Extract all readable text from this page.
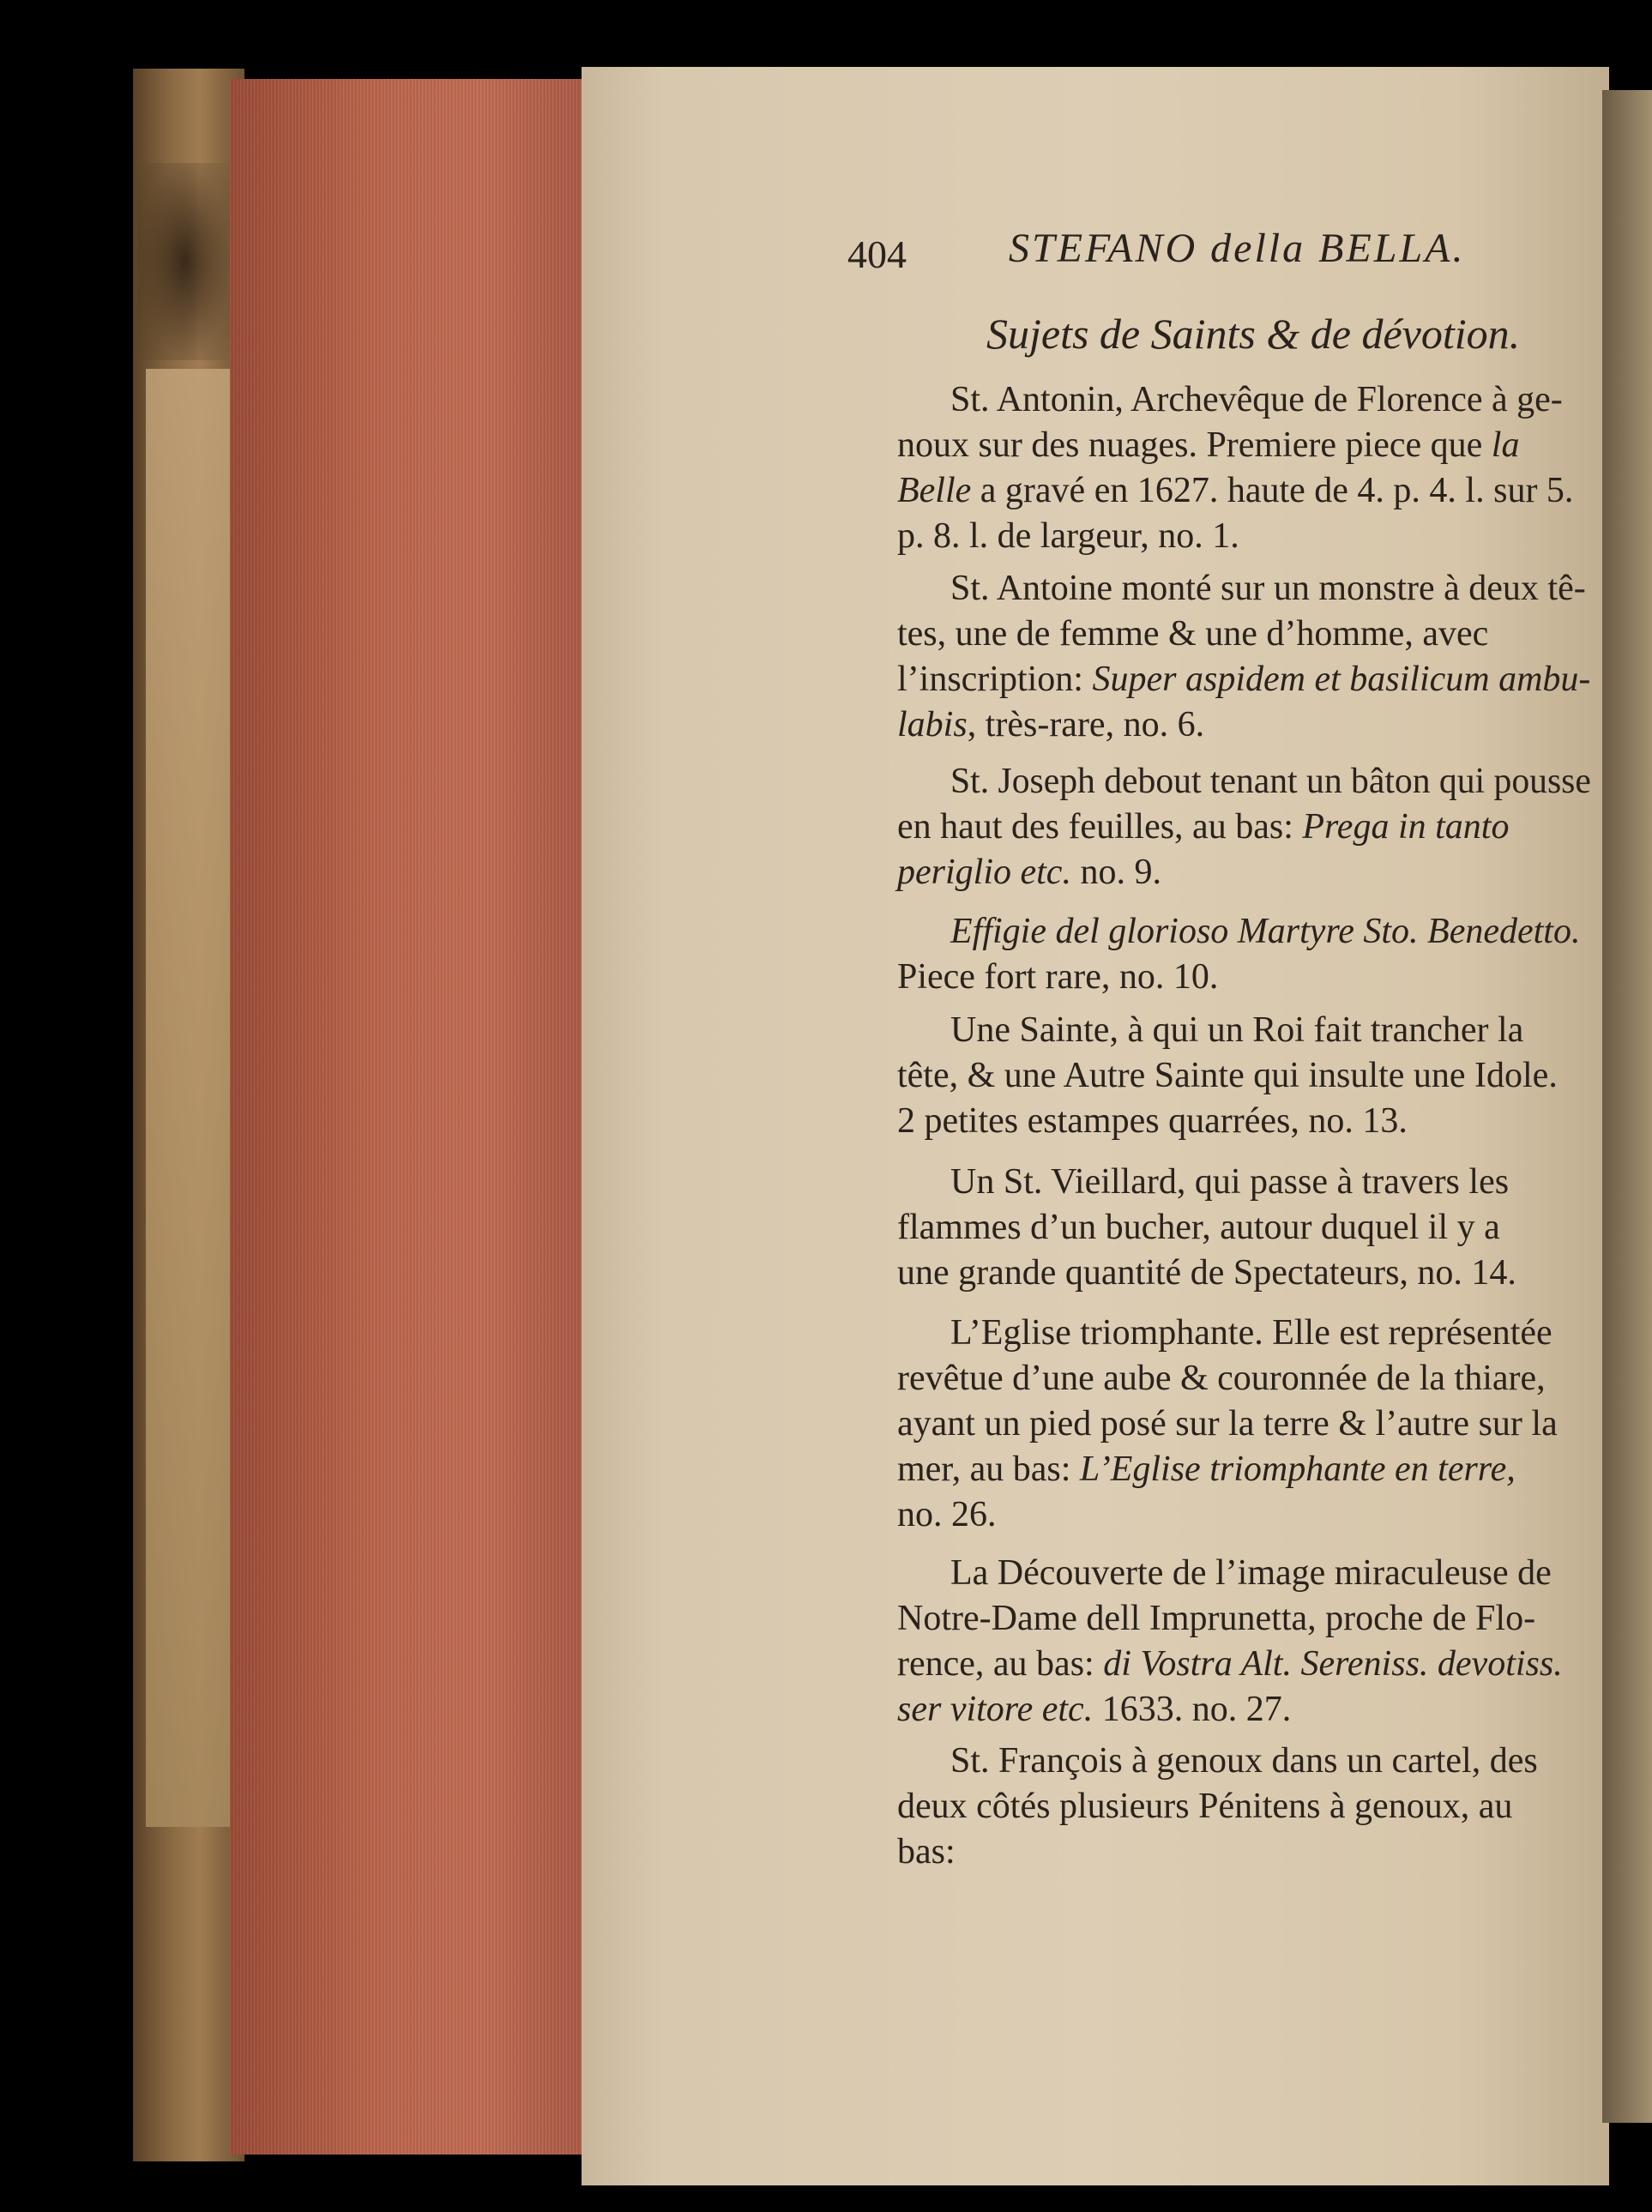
404 STEFANO della BELLA.
Sujets de Saints & de dévotion.
St. Antonin, Archevêque de Florence à ge-
noux sur des nuages. Premiere piece que la
Belle a gravé en 1627. haute de 4. p. 4. l. sur 5.
p. 8. l. de largeur, no. 1.
St. Antoine monté sur un monstre à deux tê-
tes, une de femme & une d’homme, avec
l’inscription: Super aspidem et basilicum ambu-
labis, très-rare, no. 6.
St. Joseph debout tenant un bâton qui pousse
en haut des feuilles, au bas: Prega in tanto
periglio etc. no. 9.
Effigie del glorioso Martyre Sto. Benedetto.
Piece fort rare, no. 10.
Une Sainte, à qui un Roi fait trancher la
tête, & une Autre Sainte qui insulte une Idole.
2 petites estampes quarrées, no. 13.
Un St. Vieillard, qui passe à travers les
flammes d’un bucher, autour duquel il y a
une grande quantité de Spectateurs, no. 14.
L’Eglise triomphante. Elle est représentée
revêtue d’une aube & couronnée de la thiare,
ayant un pied posé sur la terre & l’autre sur la
mer, au bas: L’Eglise triomphante en terre,
no. 26.
La Découverte de l’image miraculeuse de
Notre-Dame dell Imprunetta, proche de Flo-
rence, au bas: di Vostra Alt. Sereniss. devotiss.
ser vitore etc. 1633. no. 27.
St. François à genoux dans un cartel, des
deux côtés plusieurs Pénitens à genoux, au
bas:
